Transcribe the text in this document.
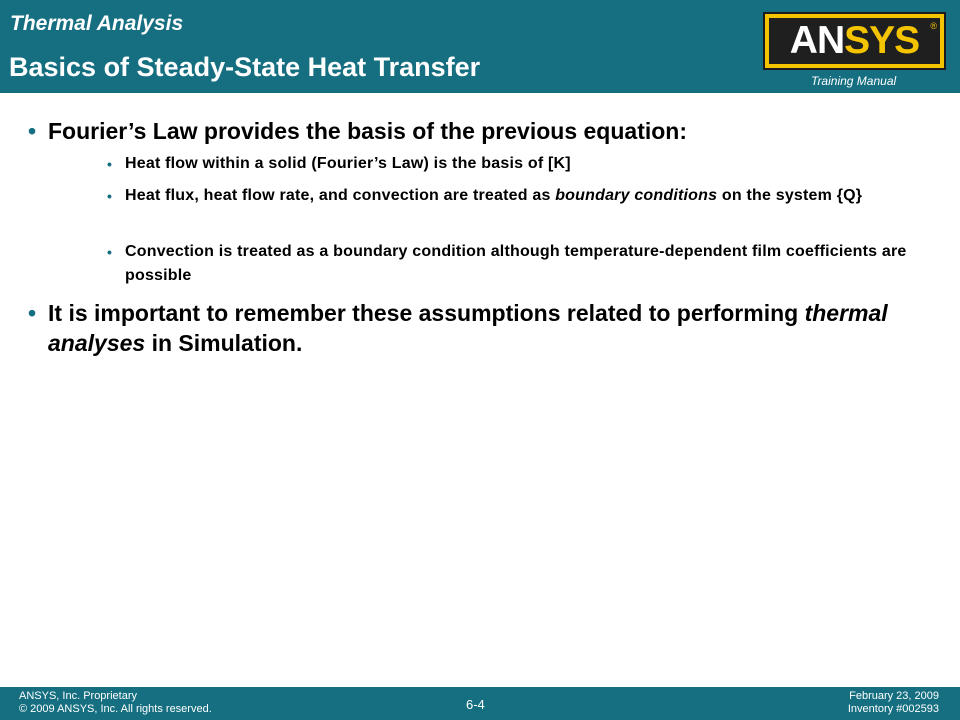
Thermal Analysis
Basics of Steady-State Heat Transfer
ANSYS ®
Training Manual
• Fourier’s Law provides the basis of the previous equation:
• Heat flow within a solid (Fourier’s Law) is the basis of [K]
• Heat flux, heat flow rate, and convection are treated as boundary conditions on the system {Q}
• Convection is treated as a boundary condition although temperature-dependent film coefficients are possible
• It is important to remember these assumptions related to performing thermal analyses in Simulation.
ANSYS, Inc. Proprietary
© 2009 ANSYS, Inc. All rights reserved.	6-4
February 23, 2009
Inventory #002593
